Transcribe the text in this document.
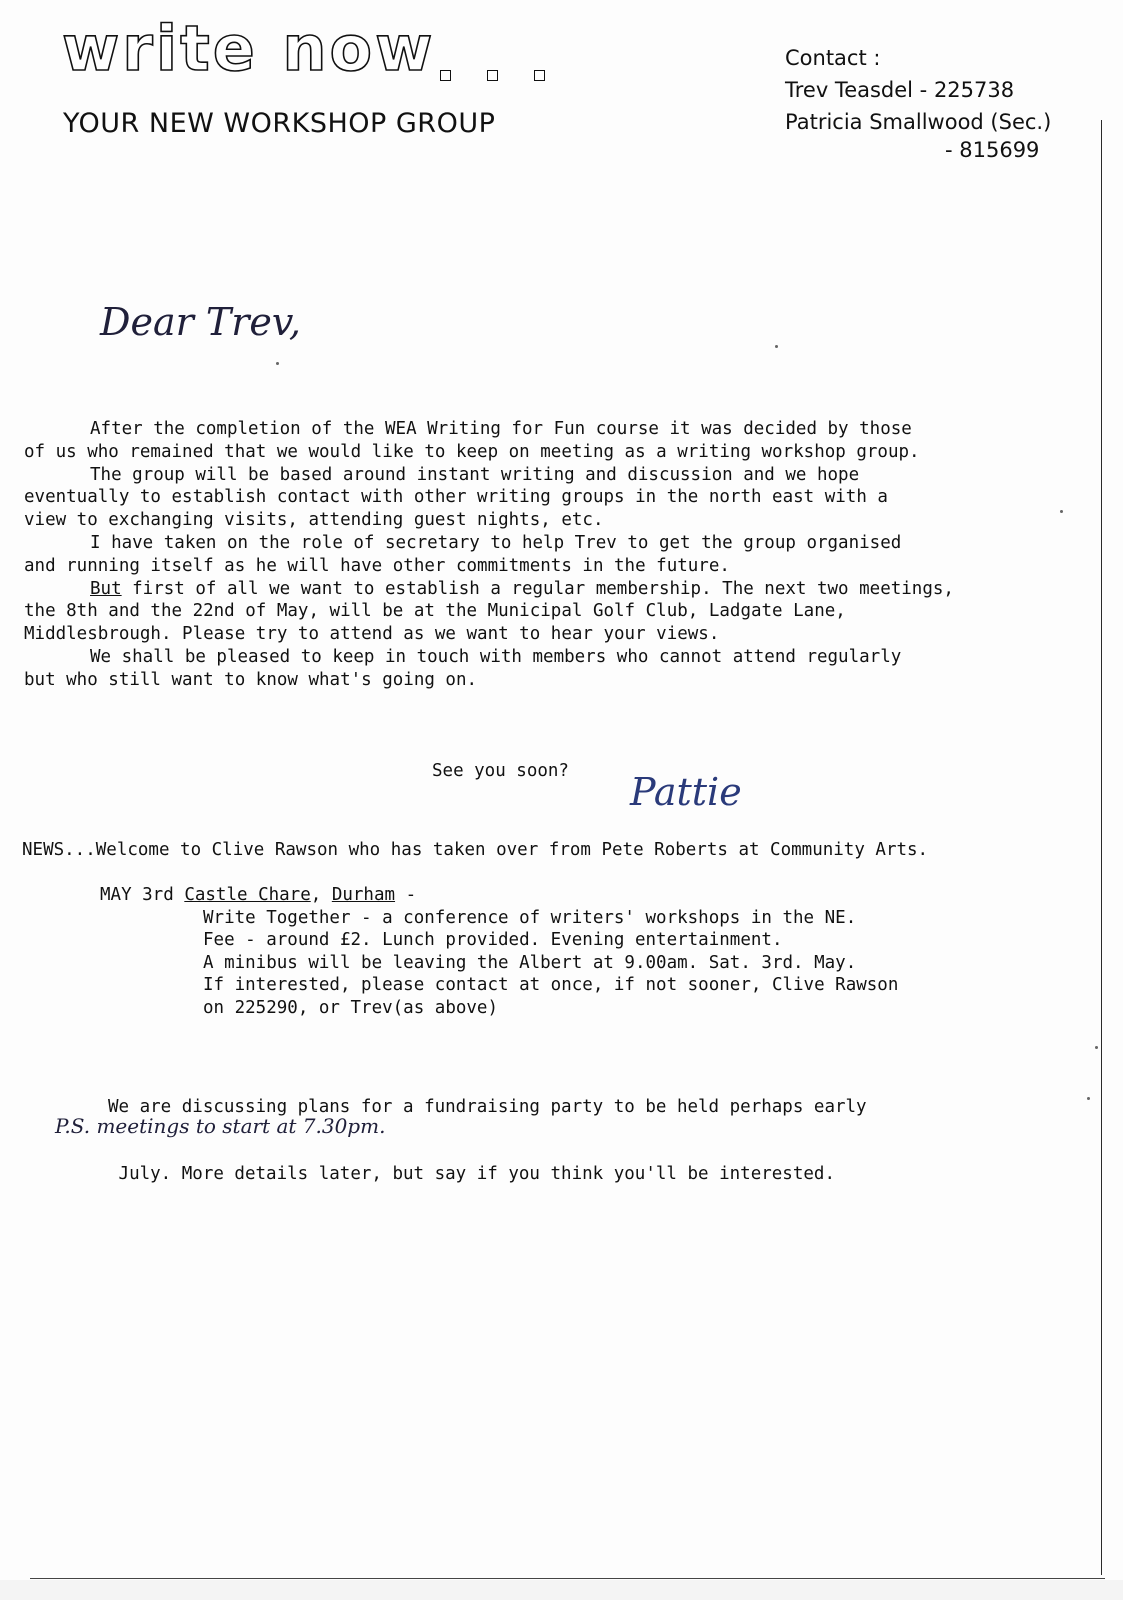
write now
YOUR NEW WORKSHOP GROUP
Contact :
Trev Teasdel - 225738
Patricia Smallwood (Sec.)
- 815699
Dear Trev,

After the completion of the WEA Writing for Fun course it was decided by those

of us who remained that we would like to keep on meeting as a writing workshop group.

The group will be based around instant writing and discussion and we hope

eventually to establish contact with other writing groups in the north east with a

view to exchanging visits, attending guest nights, etc.

I have taken on the role of secretary to help Trev to get the group organised

and running itself as he will have other commitments in the future.

But first of all we want to establish a regular membership. The next two meetings,

the 8th and the 22nd of May, will be at the Municipal Golf Club, Ladgate Lane,

Middlesbrough. Please try to attend as we want to hear your views.

We shall be pleased to keep in touch with members who cannot attend regularly

but who still want to know what's going on.

See you soon? Pattie
NEWS...Welcome to Clive Rawson who has taken over from Pete Roberts at Community Arts.
MAY 3rd Castle Chare, Durham -
Write Together - a conference of writers' workshops in the NE.
Fee - around £2. Lunch provided. Evening entertainment.
A minibus will be leaving the Albert at 9.00am. Sat. 3rd. May.
If interested, please contact at once, if not sooner, Clive Rawson
on 225290, or Trev(as above)

We are discussing plans for a fundraising party to be held perhaps early

July. More details later, but say if you think you'll be interested.

P.S. meetings to start at 7.30pm.
